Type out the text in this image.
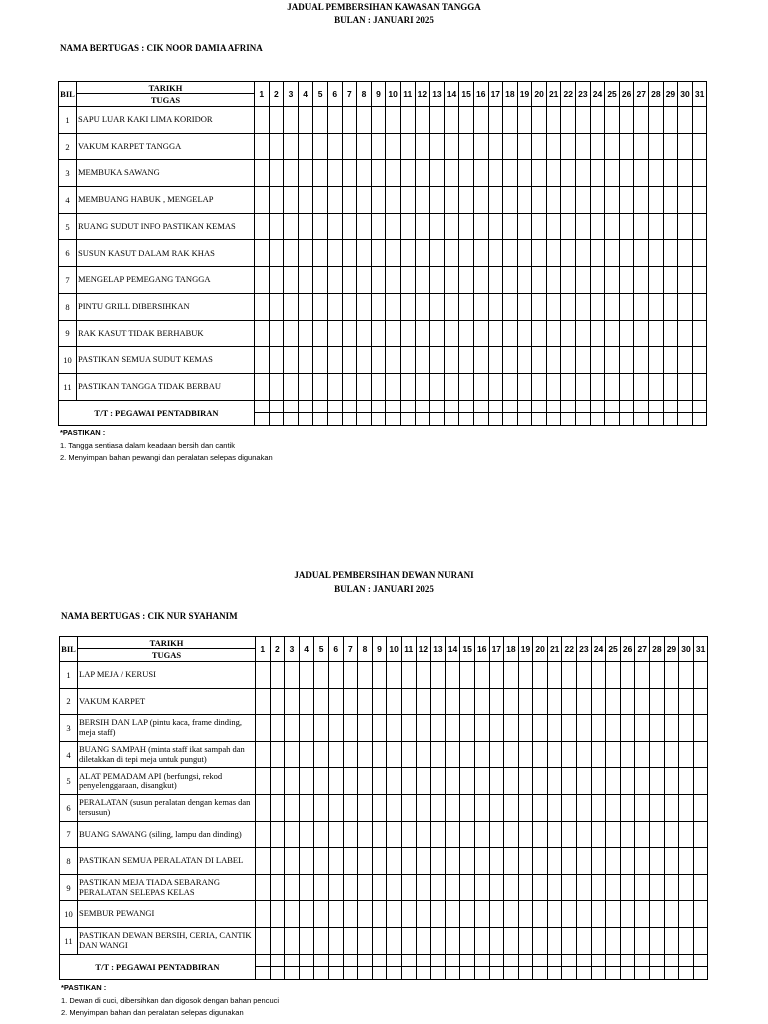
JADUAL PEMBERSIHAN KAWASAN TANGGA
BULAN : JANUARI 2025
NAMA BERTUGAS : CIK NOOR DAMIA AFRINA
BIL	TARIKH	1	2	3	4	5	6	7	8	9	10	11	12	13	14	15	16	17	18	19	20	21	22	23	24	25	26	27	28	29	30	31
	TUGAS																															
1	SAPU LUAR KAKI LIMA KORIDOR																															
2	VAKUM KARPET TANGGA																															
3	MEMBUKA SAWANG																															
4	MEMBUANG HABUK , MENGELAP																															
5	RUANG SUDUT INFO PASTIKAN KEMAS																															
6	SUSUN KASUT DALAM RAK KHAS																															
7	MENGELAP PEMEGANG TANGGA																															
8	PINTU GRILL DIBERSIHKAN																															
9	RAK KASUT TIDAK BERHABUK																															
10	PASTIKAN SEMUA SUDUT KEMAS																															
11	PASTIKAN TANGGA TIDAK BERBAU																															
T/T : PEGAWAI PENTADBIRAN																																

*PASTIKAN :
1. Tangga sentiasa dalam keadaan bersih dan cantik
2. Menyimpan bahan pewangi dan peralatan selepas digunakan
JADUAL PEMBERSIHAN DEWAN NURANI
BULAN : JANUARI 2025
NAMA BERTUGAS : CIK NUR SYAHANIM
BIL	TARIKH	1	2	3	4	5	6	7	8	9	10	11	12	13	14	15	16	17	18	19	20	21	22	23	24	25	26	27	28	29	30	31
	TUGAS																															
1	LAP MEJA / KERUSI																															
2	VAKUM KARPET																															
3	BERSIH DAN LAP (pintu kaca, frame dinding, meja staff)																															
4	BUANG SAMPAH (minta staff ikat sampah dan diletakkan di tepi meja untuk pungut)																															
5	ALAT PEMADAM API (berfungsi, rekod penyelenggaraan, disangkut)																															
6	PERALATAN (susun peralatan dengan kemas dan tersusun)																															
7	BUANG SAWANG (siling, lampu dan dinding)																															
8	PASTIKAN SEMUA PERALATAN DI LABEL																															
9	PASTIKAN MEJA TIADA SEBARANG PERALATAN SELEPAS KELAS																															
10	SEMBUR PEWANGI																															
11	PASTIKAN DEWAN BERSIH, CERIA, CANTIK DAN WANGI																															
T/T : PEGAWAI PENTADBIRAN																																

*PASTIKAN :
1. Dewan di cuci, dibersihkan dan digosok dengan bahan pencuci
2. Menyimpan bahan dan peralatan selepas digunakan
